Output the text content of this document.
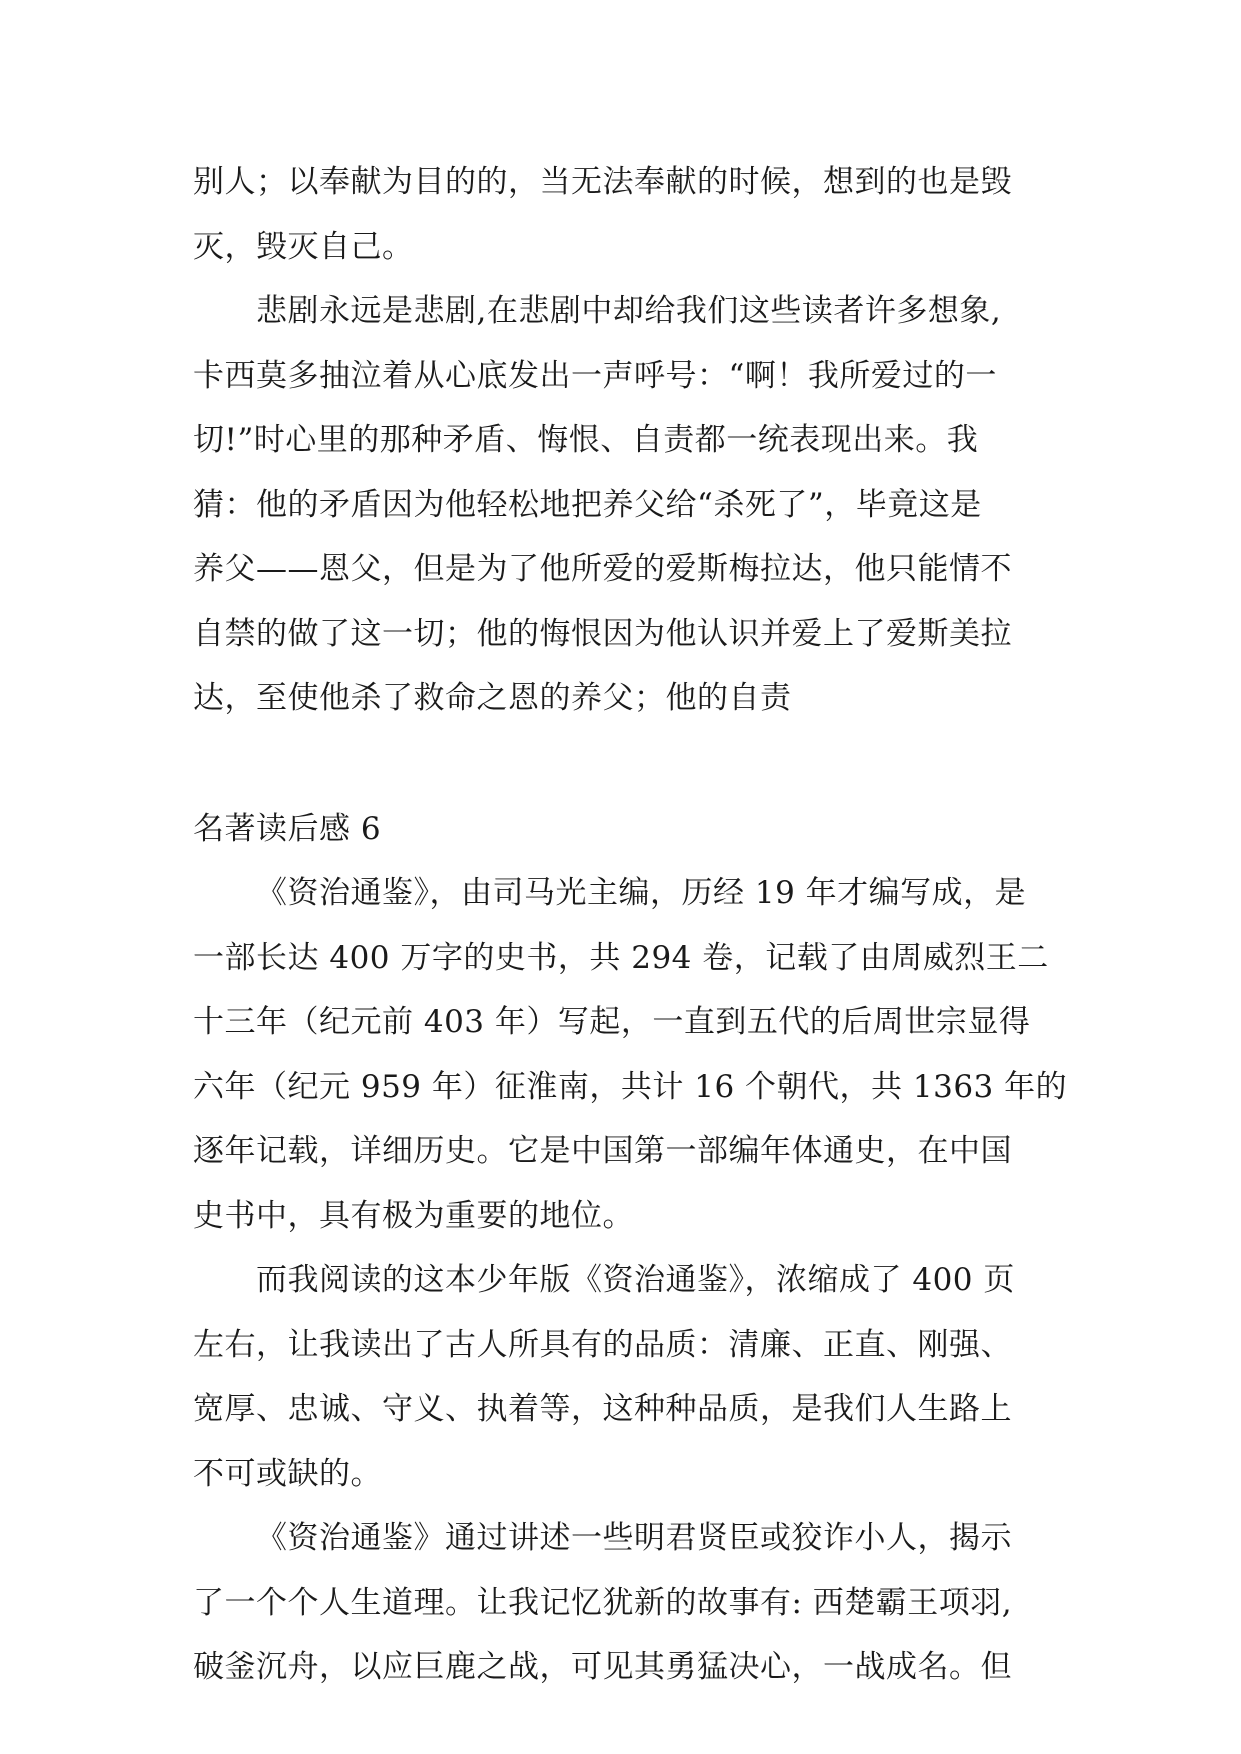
别人；以奉献为目的的，当无法奉献的时候，想到的也是毁
灭，毁灭自己。
悲剧永远是悲剧,在悲剧中却给我们这些读者许多想象,
卡西莫多抽泣着从心底发出一声呼号：“啊！我所爱过的一
切!”时心里的那种矛盾、悔恨、自责都一统表现出来。我
猜：他的矛盾因为他轻松地把养父给“杀死了”，毕竟这是
养父——恩父，但是为了他所爱的爱斯梅拉达，他只能情不
自禁的做了这一切；他的悔恨因为他认识并爱上了爱斯美拉
达，至使他杀了救命之恩的养父；他的自责
名著读后感 6
《资治通鉴》，由司马光主编，历经 19 年才编写成，是
一部长达 400 万字的史书，共 294 卷，记载了由周威烈王二
十三年（纪元前 403 年）写起，一直到五代的后周世宗显得
六年（纪元 959 年）征淮南，共计 16 个朝代，共 1363 年的
逐年记载，详细历史。它是中国第一部编年体通史，在中国
史书中，具有极为重要的地位。
而我阅读的这本少年版《资治通鉴》，浓缩成了 400 页
左右，让我读出了古人所具有的品质：清廉、正直、刚强、
宽厚、忠诚、守义、执着等，这种种品质，是我们人生路上
不可或缺的。
《资治通鉴》通过讲述一些明君贤臣或狡诈小人，揭示
了一个个人生道理。让我记忆犹新的故事有: 西楚霸王项羽,
破釜沉舟，以应巨鹿之战，可见其勇猛决心，一战成名。但
